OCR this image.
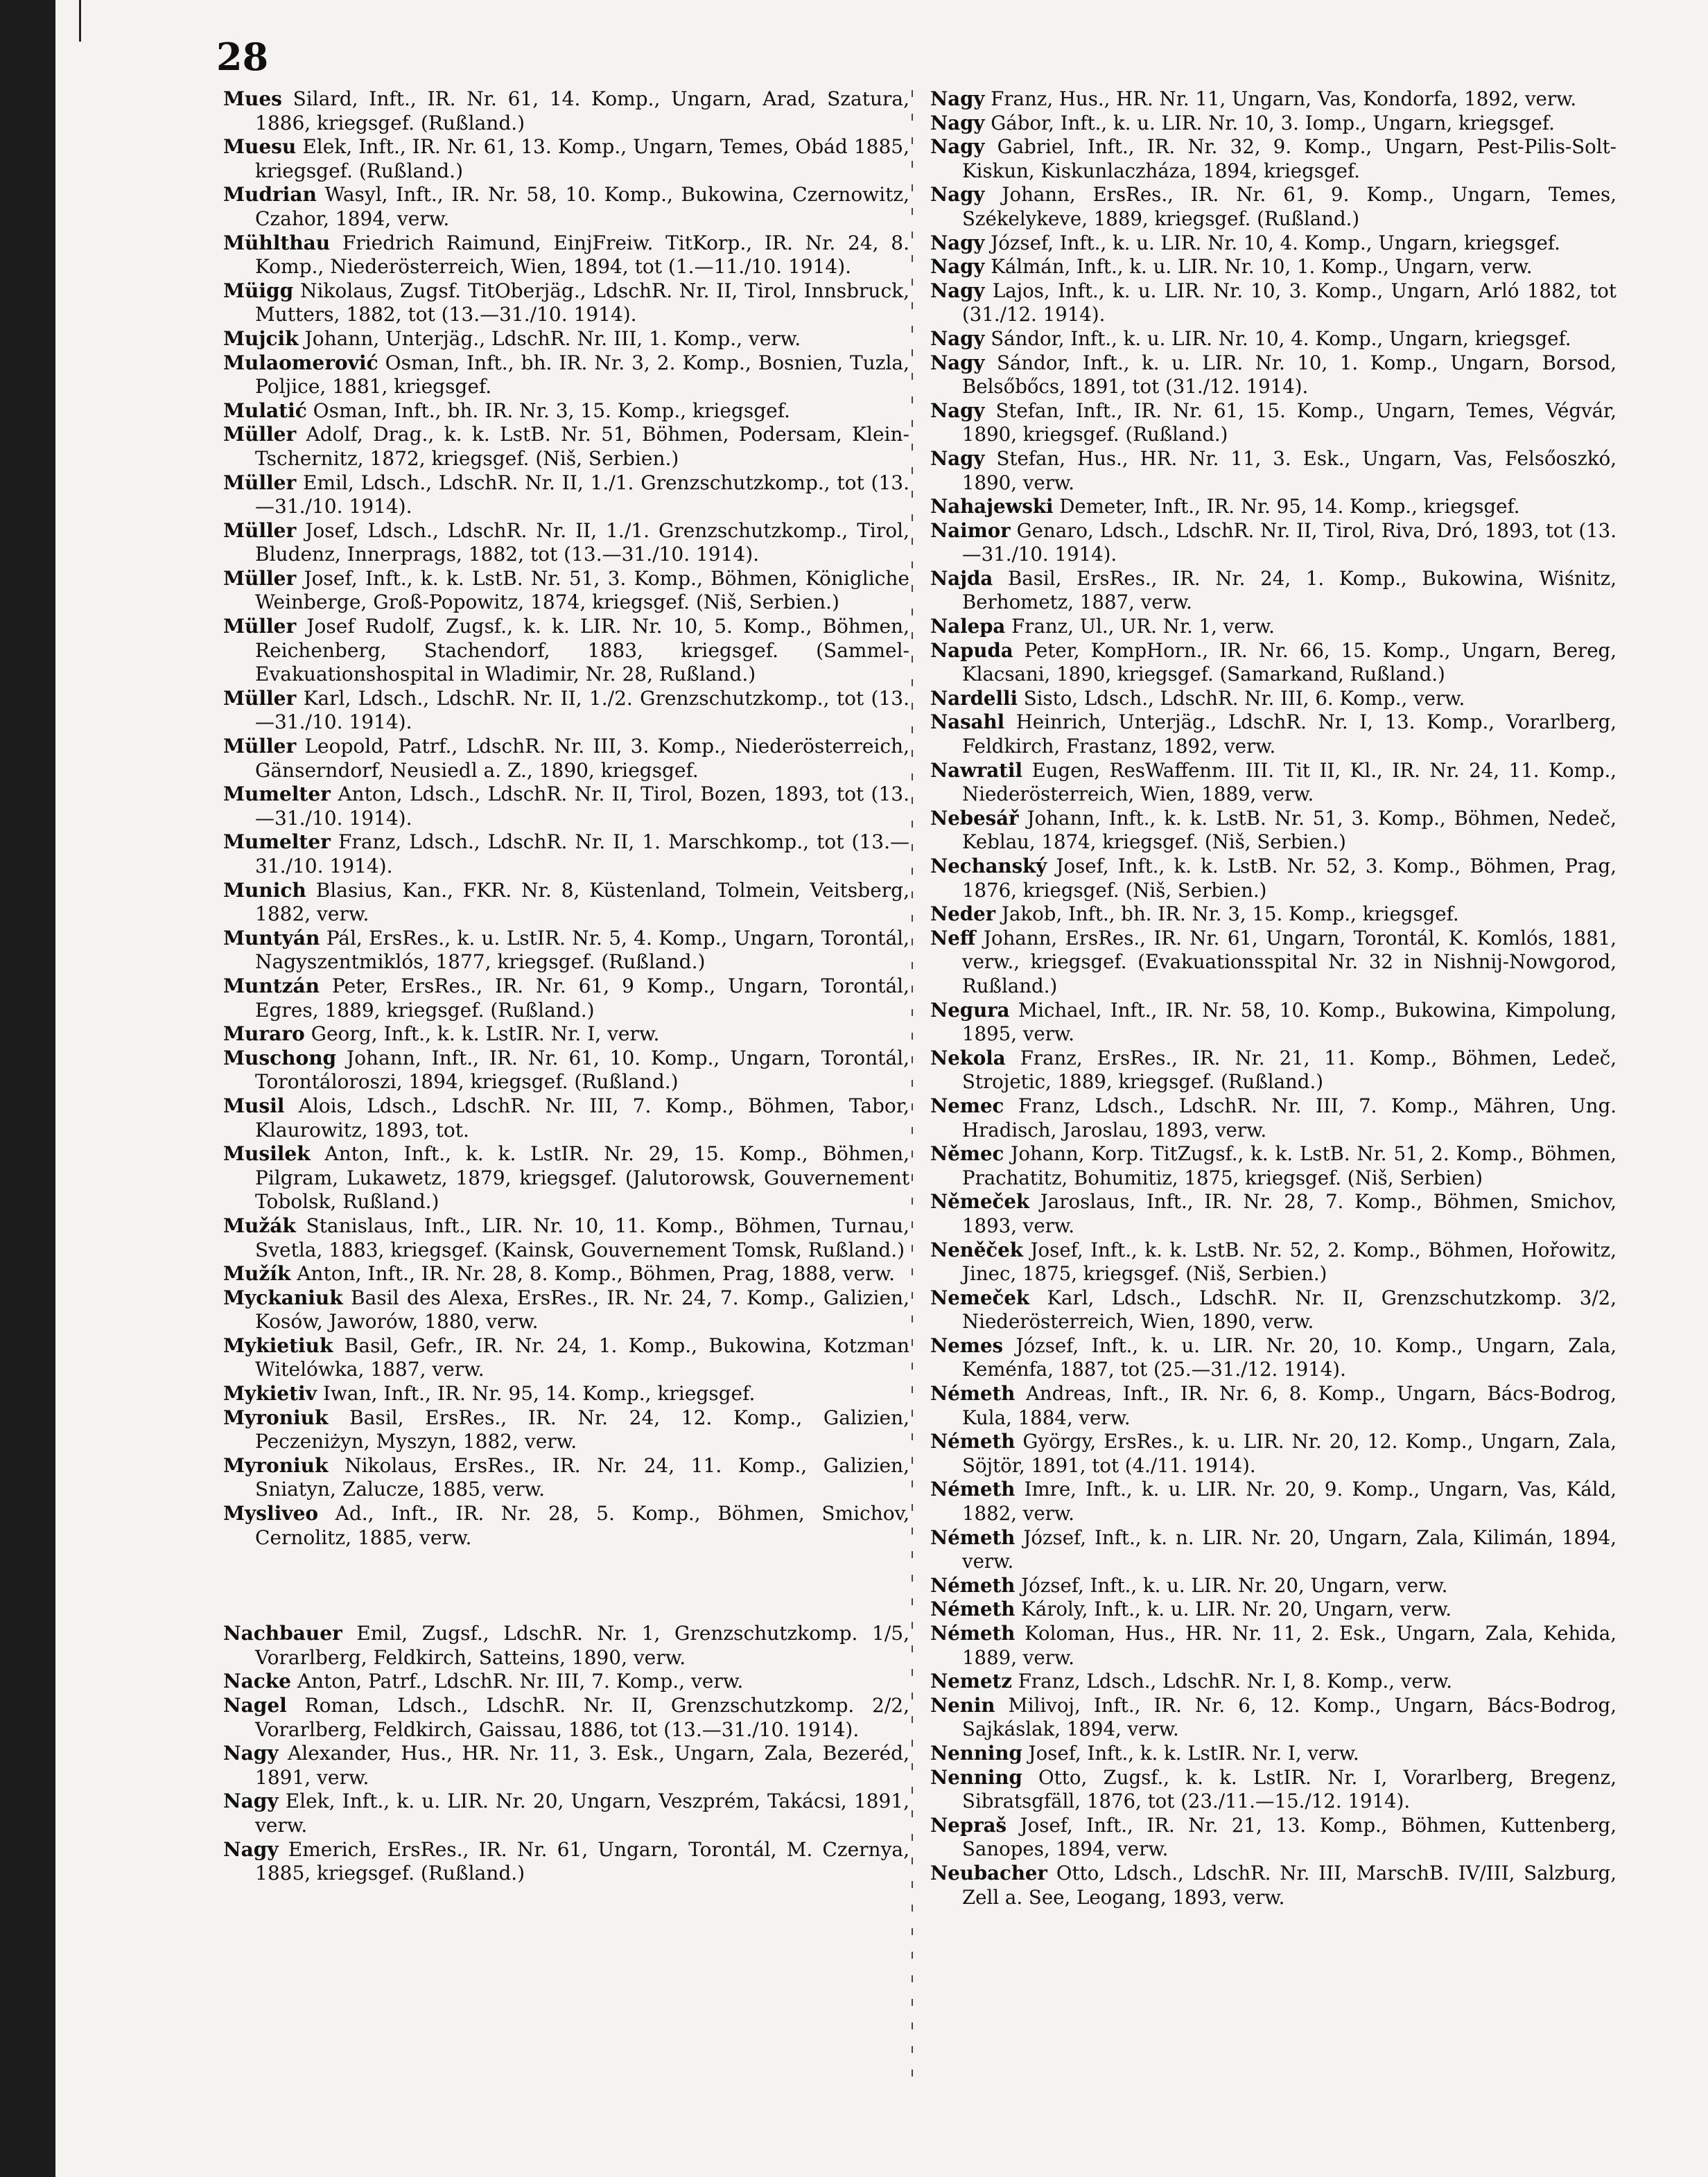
28

Mues Silard, Inft., IR. Nr. 61, 14. Komp., Ungarn, Arad, Szatura, 1886, kriegsgef. (Rußland.)

Muesu Elek, Inft., IR. Nr. 61, 13. Komp., Ungarn, Temes, Obád 1885, kriegsgef. (Rußland.)

Mudrian Wasyl, Inft., IR. Nr. 58, 10. Komp., Bukowina, Czernowitz, Czahor, 1894, verw.

Mühlthau Friedrich Raimund, EinjFreiw. TitKorp., IR. Nr. 24, 8. Komp., Niederösterreich, Wien, 1894, tot (1.—11./10. 1914).

Müigg Nikolaus, Zugsf. TitOberjäg., LdschR. Nr. II, Tirol, Innsbruck, Mutters, 1882, tot (13.—31./10. 1914).

Mujcik Johann, Unterjäg., LdschR. Nr. III, 1. Komp., verw.

Mulaomerović Osman, Inft., bh. IR. Nr. 3, 2. Komp., Bosnien, Tuzla, Poljice, 1881, kriegsgef.

Mulatić Osman, Inft., bh. IR. Nr. 3, 15. Komp., kriegsgef.

Müller Adolf, Drag., k. k. LstB. Nr. 51, Böhmen, Podersam, Klein-Tschernitz, 1872, kriegsgef. (Niš, Serbien.)

Müller Emil, Ldsch., LdschR. Nr. II, 1./1. Grenzschutzkomp., tot (13.—31./10. 1914).

Müller Josef, Ldsch., LdschR. Nr. II, 1./1. Grenzschutzkomp., Tirol, Bludenz, Innerprags, 1882, tot (13.—31./10. 1914).

Müller Josef, Inft., k. k. LstB. Nr. 51, 3. Komp., Böhmen, Königliche Weinberge, Groß-Popowitz, 1874, kriegsgef. (Niš, Serbien.)

Müller Josef Rudolf, Zugsf., k. k. LIR. Nr. 10, 5. Komp., Böhmen, Reichenberg, Stachendorf, 1883, kriegsgef. (Sammel-Evakuationshospital in Wladimir, Nr. 28, Rußland.)

Müller Karl, Ldsch., LdschR. Nr. II, 1./2. Grenzschutzkomp., tot (13.—31./10. 1914).

Müller Leopold, Patrf., LdschR. Nr. III, 3. Komp., Niederösterreich, Gänserndorf, Neusiedl a. Z., 1890, kriegsgef.

Mumelter Anton, Ldsch., LdschR. Nr. II, Tirol, Bozen, 1893, tot (13.—31./10. 1914).

Mumelter Franz, Ldsch., LdschR. Nr. II, 1. Marschkomp., tot (13.—31./10. 1914).

Munich Blasius, Kan., FKR. Nr. 8, Küstenland, Tolmein, Veitsberg, 1882, verw.

Muntyán Pál, ErsRes., k. u. LstIR. Nr. 5, 4. Komp., Ungarn, Torontál, Nagyszentmiklós, 1877, kriegsgef. (Rußland.)

Muntzán Peter, ErsRes., IR. Nr. 61, 9 Komp., Ungarn, Torontál, Egres, 1889, kriegsgef. (Rußland.)

Muraro Georg, Inft., k. k. LstIR. Nr. I, verw.

Muschong Johann, Inft., IR. Nr. 61, 10. Komp., Ungarn, Torontál, Torontáloroszi, 1894, kriegsgef. (Rußland.)

Musil Alois, Ldsch., LdschR. Nr. III, 7. Komp., Böhmen, Tabor, Klaurowitz, 1893, tot.

Musilek Anton, Inft., k. k. LstIR. Nr. 29, 15. Komp., Böhmen, Pilgram, Lukawetz, 1879, kriegsgef. (Jalutorowsk, Gouvernement Tobolsk, Rußland.)

Mužák Stanislaus, Inft., LIR. Nr. 10, 11. Komp., Böhmen, Turnau, Svetla, 1883, kriegsgef. (Kainsk, Gouvernement Tomsk, Rußland.)

Mužík Anton, Inft., IR. Nr. 28, 8. Komp., Böhmen, Prag, 1888, verw.

Myckaniuk Basil des Alexa, ErsRes., IR. Nr. 24, 7. Komp., Galizien, Kosów, Jaworów, 1880, verw.

Mykietiuk Basil, Gefr., IR. Nr. 24, 1. Komp., Bukowina, Kotzman Witelówka, 1887, verw.

Mykietiv Iwan, Inft., IR. Nr. 95, 14. Komp., kriegsgef.

Myroniuk Basil, ErsRes., IR. Nr. 24, 12. Komp., Galizien, Peczeniżyn, Myszyn, 1882, verw.

Myroniuk Nikolaus, ErsRes., IR. Nr. 24, 11. Komp., Galizien, Sniatyn, Zalucze, 1885, verw.

Mysliveo Ad., Inft., IR. Nr. 28, 5. Komp., Böhmen, Smichov, Cernolitz, 1885, verw.

Nachbauer Emil, Zugsf., LdschR. Nr. 1, Grenzschutzkomp. 1/5, Vorarlberg, Feldkirch, Satteins, 1890, verw.

Nacke Anton, Patrf., LdschR. Nr. III, 7. Komp., verw.

Nagel Roman, Ldsch., LdschR. Nr. II, Grenzschutzkomp. 2/2, Vorarlberg, Feldkirch, Gaissau, 1886, tot (13.—31./10. 1914).

Nagy Alexander, Hus., HR. Nr. 11, 3. Esk., Ungarn, Zala, Bezeréd, 1891, verw.

Nagy Elek, Inft., k. u. LIR. Nr. 20, Ungarn, Veszprém, Takácsi, 1891, verw.

Nagy Emerich, ErsRes., IR. Nr. 61, Ungarn, Torontál, M. Czernya, 1885, kriegsgef. (Rußland.)

Nagy Franz, Hus., HR. Nr. 11, Ungarn, Vas, Kondorfa, 1892, verw.

Nagy Gábor, Inft., k. u. LIR. Nr. 10, 3. Iomp., Ungarn, kriegsgef.

Nagy Gabriel, Inft., IR. Nr. 32, 9. Komp., Ungarn, Pest-Pilis-Solt-Kiskun, Kiskunlaczháza, 1894, kriegsgef.

Nagy Johann, ErsRes., IR. Nr. 61, 9. Komp., Ungarn, Temes, Székelykeve, 1889, kriegsgef. (Rußland.)

Nagy József, Inft., k. u. LIR. Nr. 10, 4. Komp., Ungarn, kriegsgef.

Nagy Kálmán, Inft., k. u. LIR. Nr. 10, 1. Komp., Ungarn, verw.

Nagy Lajos, Inft., k. u. LIR. Nr. 10, 3. Komp., Ungarn, Arló 1882, tot (31./12. 1914).

Nagy Sándor, Inft., k. u. LIR. Nr. 10, 4. Komp., Ungarn, kriegsgef.

Nagy Sándor, Inft., k. u. LIR. Nr. 10, 1. Komp., Ungarn, Borsod, Belsőbőcs, 1891, tot (31./12. 1914).

Nagy Stefan, Inft., IR. Nr. 61, 15. Komp., Ungarn, Temes, Végvár, 1890, kriegsgef. (Rußland.)

Nagy Stefan, Hus., HR. Nr. 11, 3. Esk., Ungarn, Vas, Felsőoszkó, 1890, verw.

Nahajewski Demeter, Inft., IR. Nr. 95, 14. Komp., kriegsgef.

Naimor Genaro, Ldsch., LdschR. Nr. II, Tirol, Riva, Dró, 1893, tot (13.—31./10. 1914).

Najda Basil, ErsRes., IR. Nr. 24, 1. Komp., Bukowina, Wiśnitz, Berhometz, 1887, verw.

Nalepa Franz, Ul., UR. Nr. 1, verw.

Napuda Peter, KompHorn., IR. Nr. 66, 15. Komp., Ungarn, Bereg, Klacsani, 1890, kriegsgef. (Samarkand, Rußland.)

Nardelli Sisto, Ldsch., LdschR. Nr. III, 6. Komp., verw.

Nasahl Heinrich, Unterjäg., LdschR. Nr. I, 13. Komp., Vorarlberg, Feldkirch, Frastanz, 1892, verw.

Nawratil Eugen, ResWaffenm. III. Tit II, Kl., IR. Nr. 24, 11. Komp., Niederösterreich, Wien, 1889, verw.

Nebesář Johann, Inft., k. k. LstB. Nr. 51, 3. Komp., Böhmen, Nedeč, Keblau, 1874, kriegsgef. (Niš, Serbien.)

Nechanský Josef, Inft., k. k. LstB. Nr. 52, 3. Komp., Böhmen, Prag, 1876, kriegsgef. (Niš, Serbien.)

Neder Jakob, Inft., bh. IR. Nr. 3, 15. Komp., kriegsgef.

Neff Johann, ErsRes., IR. Nr. 61, Ungarn, Torontál, K. Komlós, 1881, verw., kriegsgef. (Evakuationsspital Nr. 32 in Nishnij-Nowgorod, Rußland.)

Negura Michael, Inft., IR. Nr. 58, 10. Komp., Bukowina, Kimpolung, 1895, verw.

Nekola Franz, ErsRes., IR. Nr. 21, 11. Komp., Böhmen, Ledeč, Strojetic, 1889, kriegsgef. (Rußland.)

Nemec Franz, Ldsch., LdschR. Nr. III, 7. Komp., Mähren, Ung. Hradisch, Jaroslau, 1893, verw.

Němec Johann, Korp. TitZugsf., k. k. LstB. Nr. 51, 2. Komp., Böhmen, Prachatitz, Bohumitiz, 1875, kriegsgef. (Niš, Serbien)

Němeček Jaroslaus, Inft., IR. Nr. 28, 7. Komp., Böhmen, Smichov, 1893, verw.

Neněček Josef, Inft., k. k. LstB. Nr. 52, 2. Komp., Böhmen, Hořowitz, Jinec, 1875, kriegsgef. (Niš, Serbien.)

Nemeček Karl, Ldsch., LdschR. Nr. II, Grenzschutzkomp. 3/2, Niederösterreich, Wien, 1890, verw.

Nemes József, Inft., k. u. LIR. Nr. 20, 10. Komp., Ungarn, Zala, Keménfa, 1887, tot (25.—31./12. 1914).

Németh Andreas, Inft., IR. Nr. 6, 8. Komp., Ungarn, Bács-Bodrog, Kula, 1884, verw.

Németh György, ErsRes., k. u. LIR. Nr. 20, 12. Komp., Ungarn, Zala, Söjtör, 1891, tot (4./11. 1914).

Németh Imre, Inft., k. u. LIR. Nr. 20, 9. Komp., Ungarn, Vas, Káld, 1882, verw.

Németh József, Inft., k. n. LIR. Nr. 20, Ungarn, Zala, Kilimán, 1894, verw.

Németh József, Inft., k. u. LIR. Nr. 20, Ungarn, verw.

Németh Károly, Inft., k. u. LIR. Nr. 20, Ungarn, verw.

Németh Koloman, Hus., HR. Nr. 11, 2. Esk., Ungarn, Zala, Kehida, 1889, verw.

Nemetz Franz, Ldsch., LdschR. Nr. I, 8. Komp., verw.

Nenin Milivoj, Inft., IR. Nr. 6, 12. Komp., Ungarn, Bács-Bodrog, Sajkáslak, 1894, verw.

Nenning Josef, Inft., k. k. LstIR. Nr. I, verw.

Nenning Otto, Zugsf., k. k. LstIR. Nr. I, Vorarlberg, Bregenz, Sibratsgfäll, 1876, tot (23./11.—15./12. 1914).

Nepraš Josef, Inft., IR. Nr. 21, 13. Komp., Böhmen, Kuttenberg, Sanopes, 1894, verw.

Neubacher Otto, Ldsch., LdschR. Nr. III, MarschB. IV/III, Salzburg, Zell a. See, Leogang, 1893, verw.
